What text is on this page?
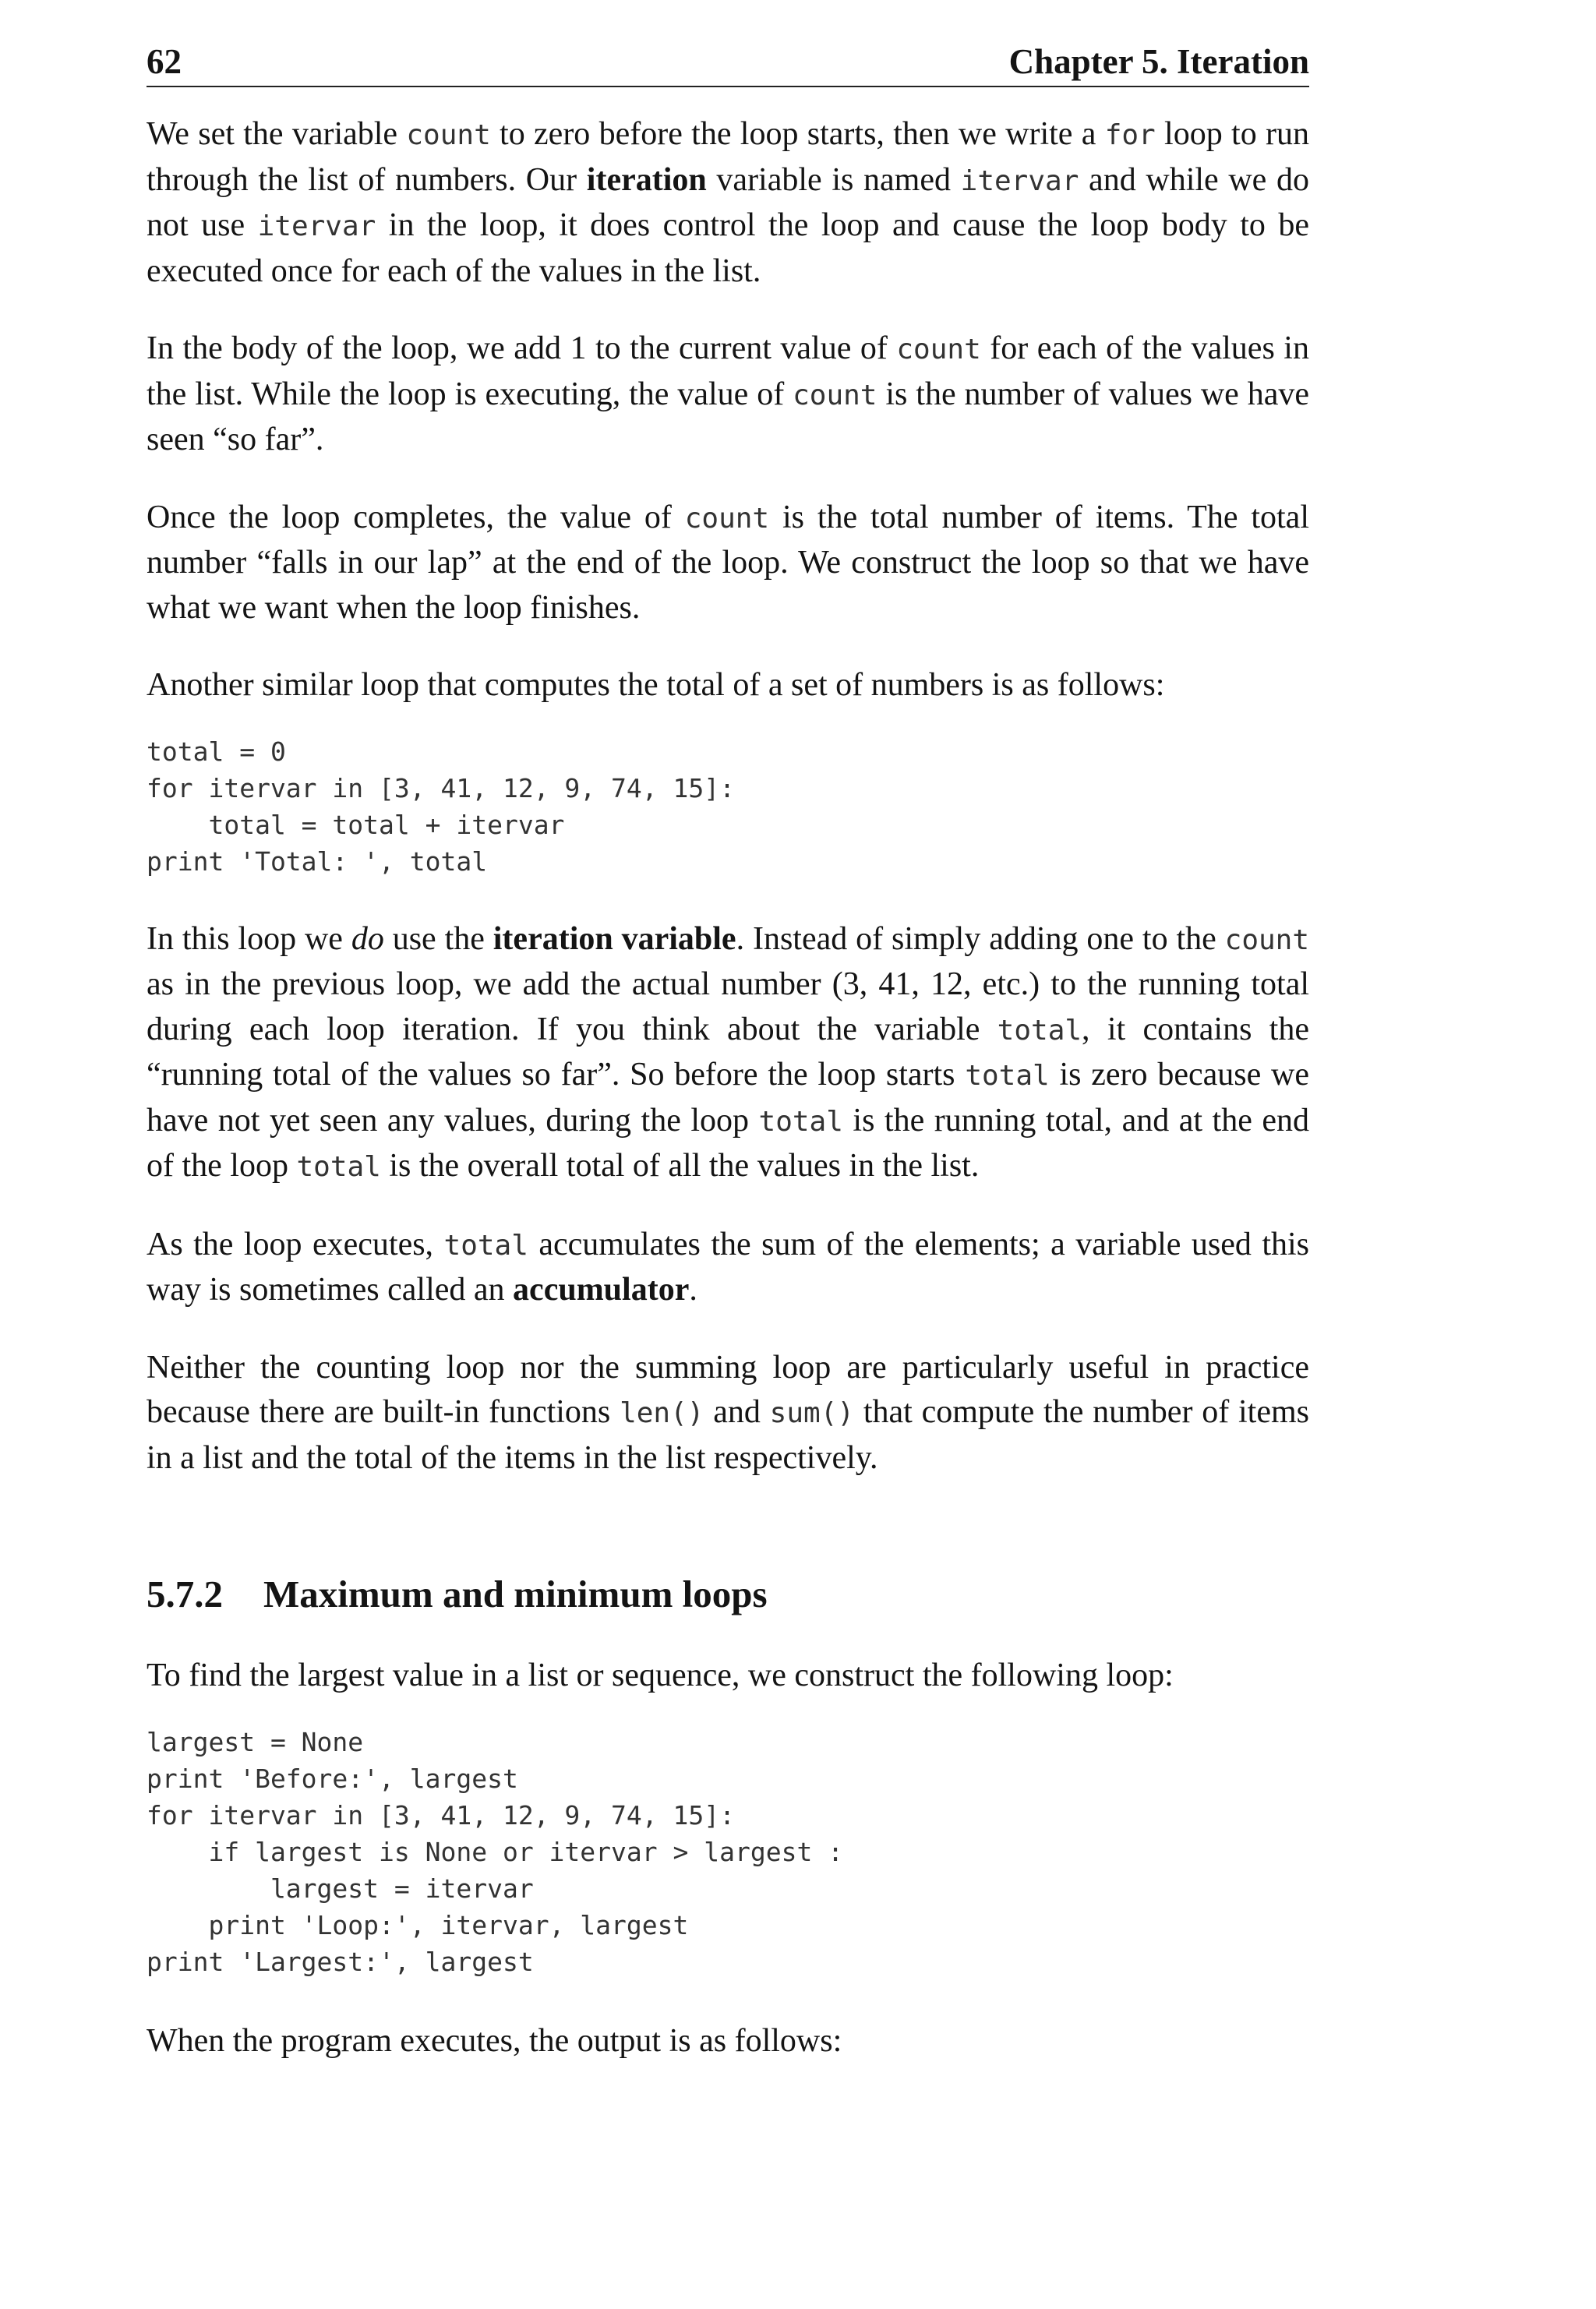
62	Chapter 5. Iteration

We set the variable count to zero before the loop starts, then we write a for loop to run through the list of numbers. Our iteration variable is named itervar and while we do not use itervar in the loop, it does control the loop and cause the loop body to be executed once for each of the values in the list.

In the body of the loop, we add 1 to the current value of count for each of the values in the list. While the loop is executing, the value of count is the number of values we have seen “so far”.

Once the loop completes, the value of count is the total number of items. The total number “falls in our lap” at the end of the loop. We construct the loop so that we have what we want when the loop finishes.

Another similar loop that computes the total of a set of numbers is as follows:

total = 0
for itervar in [3, 41, 12, 9, 74, 15]:
total = total + itervar
print 'Total: ', total

In this loop we do use the iteration variable. Instead of simply adding one to the count as in the previous loop, we add the actual number (3, 41, 12, etc.) to the running total during each loop iteration. If you think about the variable total, it contains the “running total of the values so far”. So before the loop starts total is zero because we have not yet seen any values, during the loop total is the running total, and at the end of the loop total is the overall total of all the values in the list.

As the loop executes, total accumulates the sum of the elements; a variable used this way is sometimes called an accumulator.

Neither the counting loop nor the summing loop are particularly useful in practice because there are built-in functions len() and sum() that compute the number of items in a list and the total of the items in the list respectively.

5.7.2 Maximum and minimum loops

To find the largest value in a list or sequence, we construct the following loop:

largest = None
print 'Before:', largest
for itervar in [3, 41, 12, 9, 74, 15]:
if largest is None or itervar > largest :
largest = itervar
print 'Loop:', itervar, largest
print 'Largest:', largest

When the program executes, the output is as follows:
